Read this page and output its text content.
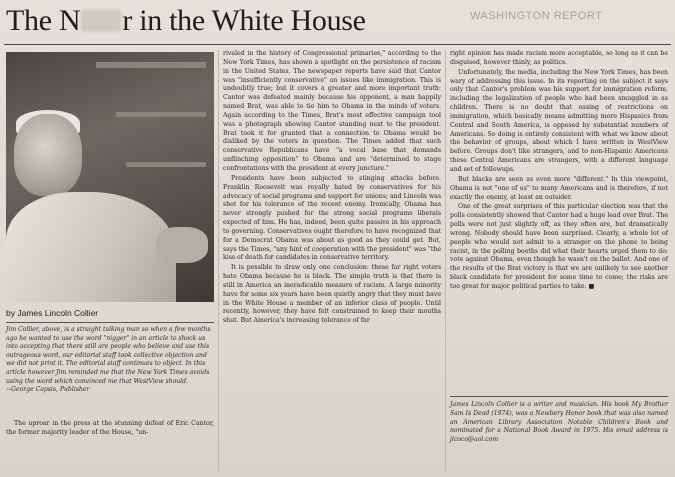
The N r in the White House	WASHINGTON REPORT
by James Lincoln Collier

Jim Collier, above, is a straight talking man so when a few months ago he wanted to use the word "nigger" in an article to shock us into accepting that there still are people who believe and use this outrageous word, our editorial staff took collective objection and we did not print it. The editorial staff continues to object. In this article however Jim reminded me that the New York Times avoids using the word which convinced me that WestView should. ~George Capsis, Publisher

The uproar in the press at the stunning defeat of Eric Cantor, the former majority leader of the House, "un-

rivaled in the history of Congressional primaries," according to the New York Times, has shown a spotlight on the persistence of racism in the United States. The newspaper reports have said that Cantor was "insufficiently conservative" on issues like immigration. This is undoubtly true; but it covers a greater and more important truth: Cantor was defeated mainly because his opponent, a man happily named Brat, was able to tie him to Obama in the minds of voters. Again according to the Times, Brat's most effective campaign tool was a photograph showing Cantor standing next to the president. Brat took it for granted that a connection to Obama would be disliked by the voters in question. The Times added that such conservative Republicans have "a vocal base that demands unflinching opposition" to Obama and are "determined to stage confrontations with the president at every juncture."

Presidents have been subjected to stinging attacks before. Franklin Roosevelt was royally hated by conservatives for his advocacy of social programs and support for unions; and Lincoln was shot for his tolerance of the recent enemy. Ironically, Obama has never strongly pushed for the strong social programs liberals expected of him. He has, indeed, been quite passive in his approach to governing. Conservatives ought therefore to have recognized that for a Democrat Obama was about as good as they could get. But, says the Times, "any hint of cooperation with the president" was "the kiss of death for candidates in conservative territory.

It is possible to draw only one conclusion: these far right voters hate Obama because he is black. The simple truth is that there is still in America an ineradicable measure of racism. A large minority have for some six years have been quietly angry that they must have in the White House a member of an inferior class of people. Until recently, however, they have felt constrained to keep their mouths shut. But America's increasing tolerance of far

right opinion has made racism more acceptable, so long as it can be disguised, however thinly, as politics.

Unfortunately, the media, including the New York Times, has been wary of addressing this issue. In its reporting on the subject it says only that Cantor's problem was his support for immigration reform, including the legalization of people who had been smuggled in as children. There is no doubt that easing of restrictions on immigration, which basically means admitting more Hispanics from Central and South America, is opposed by substantial numbers of Americans. So doing is entirely consistent with what we know about the behavior of groups, about which I have written in WestView before. Groups don't like strangers, and to non-Hispanic Americans these Central Americans are strangers, with a different language and set of followups.

But blacks are seen as even more "different." In this viewpoint, Obama is not "one of us" to many Americans and is therefore, if not exactly the enemy, at least an outsider.

One of the great surprises of this particular election was that the polls consistently showed that Cantor had a huge lead over Brat. The polls were not just slightly off, as they often are, but dramatically wrong. Nobody should have been surprised. Clearly, a whole lot of people who would not admit to a stranger on the phone to being racist, in the polling booths did what their hearts urged them to do: vote against Obama, even though he wasn't on the ballot. And one of the results of the Brat victory is that we are unlikely to see another black candidate for president for some time to come; the risks are too great for major political parties to take. ■

James Lincoln Collier is a writer and musician. His book My Brother Sam Is Dead (1974), was a Newbery Honor book that was also named an American Library Association Notable Children's Book and nominated for a National Book Award in 1975. His email address is jlcoco@aol.com
